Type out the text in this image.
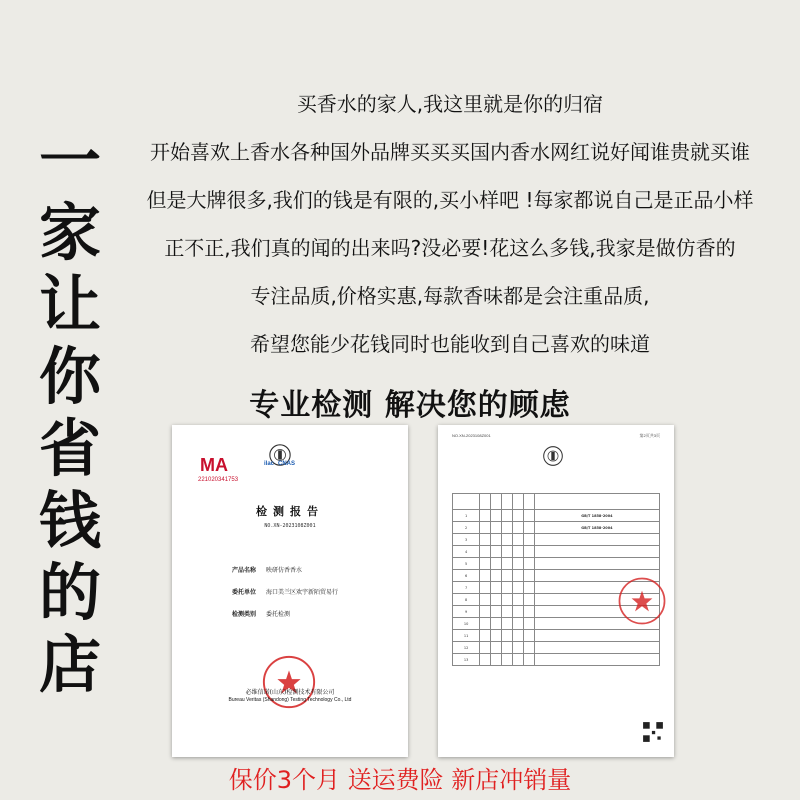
一
家
让
你
省
钱
的
店

买香水的家人,我这里就是你的归宿

开始喜欢上香水各种国外品牌买买买国内香水网红说好闻谁贵就买谁

但是大牌很多,我们的钱是有限的,买小样吧 !每家都说自己是正品小样

正不正,我们真的闻的出来吗?没必要!花这么多钱,我家是做仿香的

专注品质,价格实惠,每款香味都是会注重品质,

希望您能少花钱同时也能收到自己喜欢的味道

专业检测 解决您的顾虑
MA
221020341753
ilac CNAS
检测报告
NO.XN-2023108Z001
产品名称 映研仿香香水
委托单位 海口美兰区欢宇新陌贸易行
检测类别 委托检测
必维信诺(山东)检测技术有限公司
Bureau Veritas (Shandong) Testing Technology Co., Ltd
NO.XN-2023108Z001	第2页共3页

1						GB/T 1858-2004
2						GB/T 1858-2004
3						
4						
5						
6						
7						
8						
9						
10						
11						
12						
13						
保价3个月 送运费险 新店冲销量
